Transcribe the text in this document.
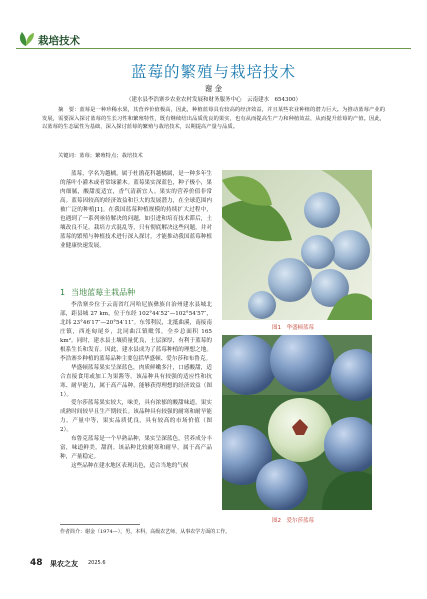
栽培技术
蓝莓的繁殖与栽培技术
谢 金
（建水县李浩寨乡农业农村发展和财务服务中心　云南建水　654300）

摘　要：蓝莓是一种珍稀水果，其营养价值极高，因此，种植蓝莓具有较高的经济效益，并且某些农业种植的潜力巨大。为推动蓝莓产业的发展，需要深入探讨蓝莓的生长习性和繁殖特性，既有继续结出品质优良的果实，也有从而提高生产力和种植效益，从而提升蓝莓的产值。因此，以蓝莓的生态属性为基础，深入探讨蓝莓的繁殖与栽培技术，以期提高产量与品质。

关键词：蓝莓；繁殖特点；栽培技术

蓝莓，学名为越橘，属于杜鹃花科越橘属，是一种多年生的落叶小灌木或者常绿灌木。蓝莓果实深蓝色，种子极小，果肉细腻，酸甜度适宜，香气清新宜人。果实的营养价值非常高。蓝莓因较高的经济效益和巨大的发展潜力，在全球范围内被广泛的种植[1]。在我国蓝莓种植规模的持续扩大过程中，也遇到了一系列亟待解决的问题，如引进和培育技术滞后，土壤改良不足，栽培方式混乱等，只有彻底解决这些问题，并对蓝莓的繁殖与种植技术进行深入探讨，才能推动我国蓝莓种植业健康快速发展。

1 当地蓝莓主栽品种

李浩寨乡位于云南省红河哈尼族彝族自治州建水县城北部，距县城 27 km，位于东经 102°44′52″—102°54′57″，北纬 23°46′17″—20°54′11″。东邻利民，北抵曲溪，南接南庄镇，西连甸尾乡，北同曲江镇毗邻，全乡总面积 165 km²。同时，建水县土壤质量优良，土层深厚，有利于蓝莓的根系生长和发育。因此，建水县成为了蓝莓种植的理想之地。李浩寨乡种植的蓝莓品种主要包括华盛顿、爱尔莎和布鲁克。

华盛顿蓝莓果实呈深蓝色，肉质鲜嫩多汁，口感酸甜，适合直接食用或加工为果酱等。该品种具有较强的适应性和抗寒、耐旱能力，属于高产品种，能够获得理想的经济效益（图 1）。

爱尔莎蓝莓果实较大，味美，具有浓郁的酸甜味道，果实成熟时间较早且生产期较长。该品种具有较强的耐寒和耐旱能力，产量中等，果实品质优良，具有较高的市场价值（图 2）。

布鲁克蓝莓是一个早熟品种，果实呈深蓝色，营养成分丰富，味道鲜美，甜润。该品种比较耐寒和耐旱，属于高产品种，产量稳定。

这些品种在建水地区表现出色，适合当地的气候

图1　华盛顿蓝莓
图2　爱尔莎蓝莓
作者简介：谢金（1974—），男，本科，高级农艺师，从事农学方面的工作。
48 果农之友 2025.6
